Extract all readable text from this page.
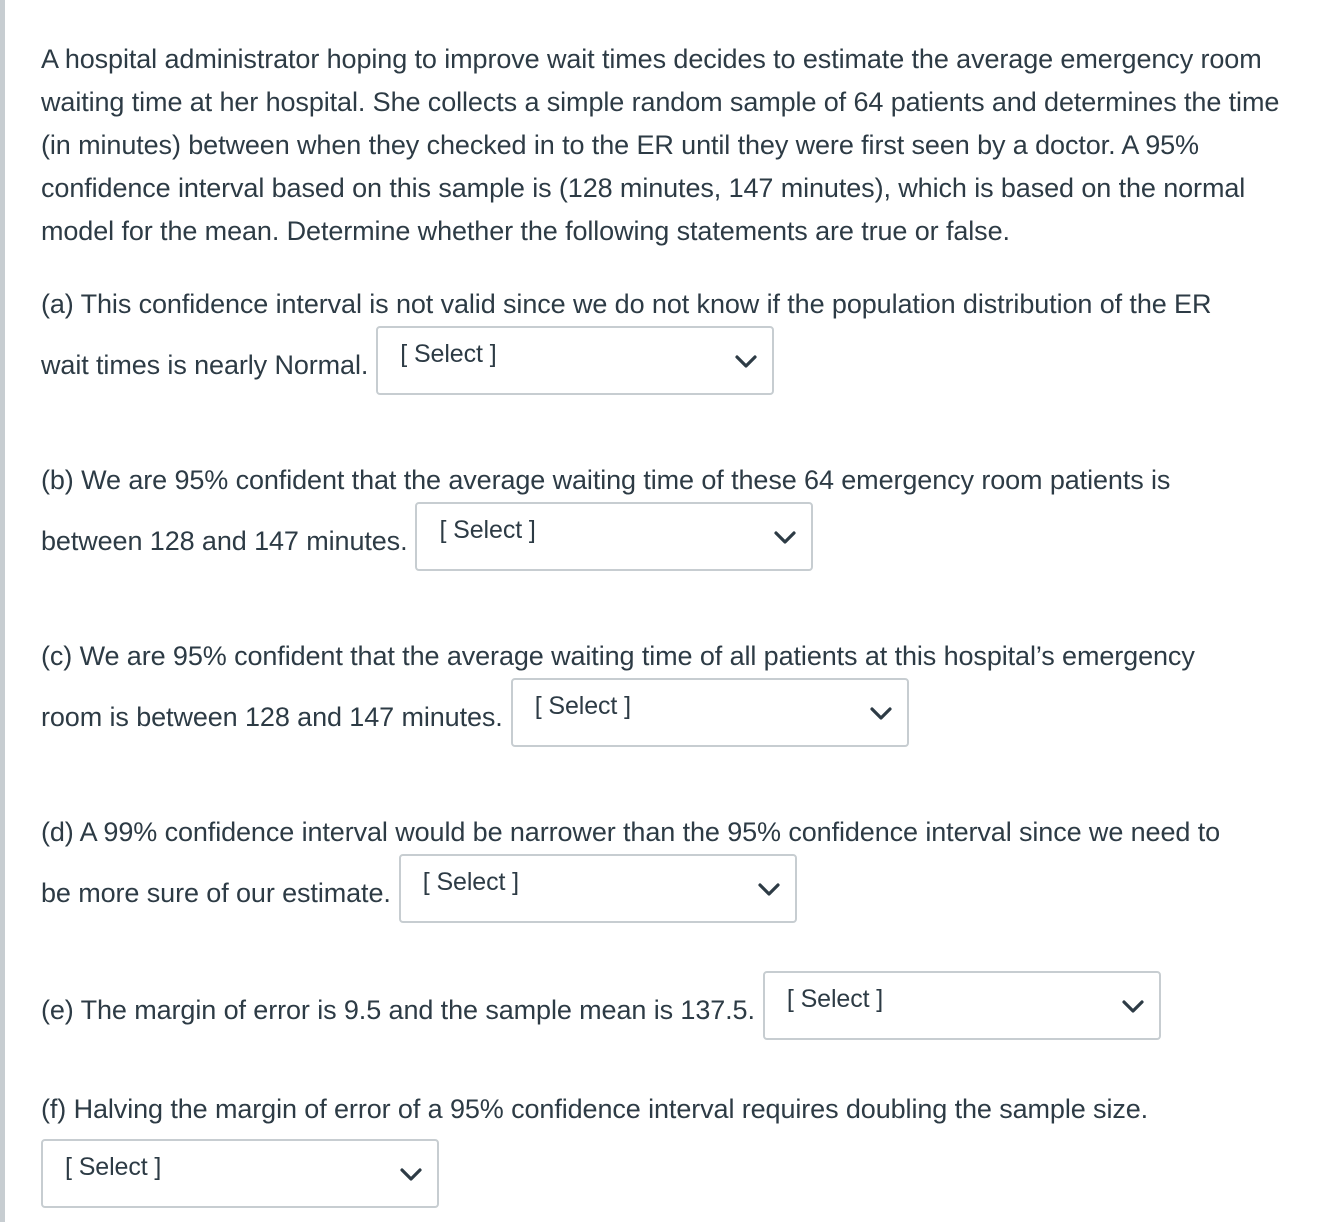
A hospital administrator hoping to improve wait times decides to estimate the average emergency room waiting time at her hospital. She collects a simple random sample of 64 patients and determines the time (in minutes) between when they checked in to the ER until they were first seen by a doctor. A 95% confidence interval based on this sample is (128 minutes, 147 minutes), which is based on the normal model for the mean. Determine whether the following statements are true or false.

(a) This confidence interval is not valid since we do not know if the population distribution of the ER
wait times is nearly Normal. [ Select ]
(b) We are 95% confident that the average waiting time of these 64 emergency room patients is
between 128 and 147 minutes. [ Select ]
(c) We are 95% confident that the average waiting time of all patients at this hospital’s emergency
room is between 128 and 147 minutes. [ Select ]
(d) A 99% confidence interval would be narrower than the 95% confidence interval since we need to
be more sure of our estimate. [ Select ]
(e) The margin of error is 9.5 and the sample mean is 137.5. [ Select ]
(f) Halving the margin of error of a 95% confidence interval requires doubling the sample size.
[ Select ]
